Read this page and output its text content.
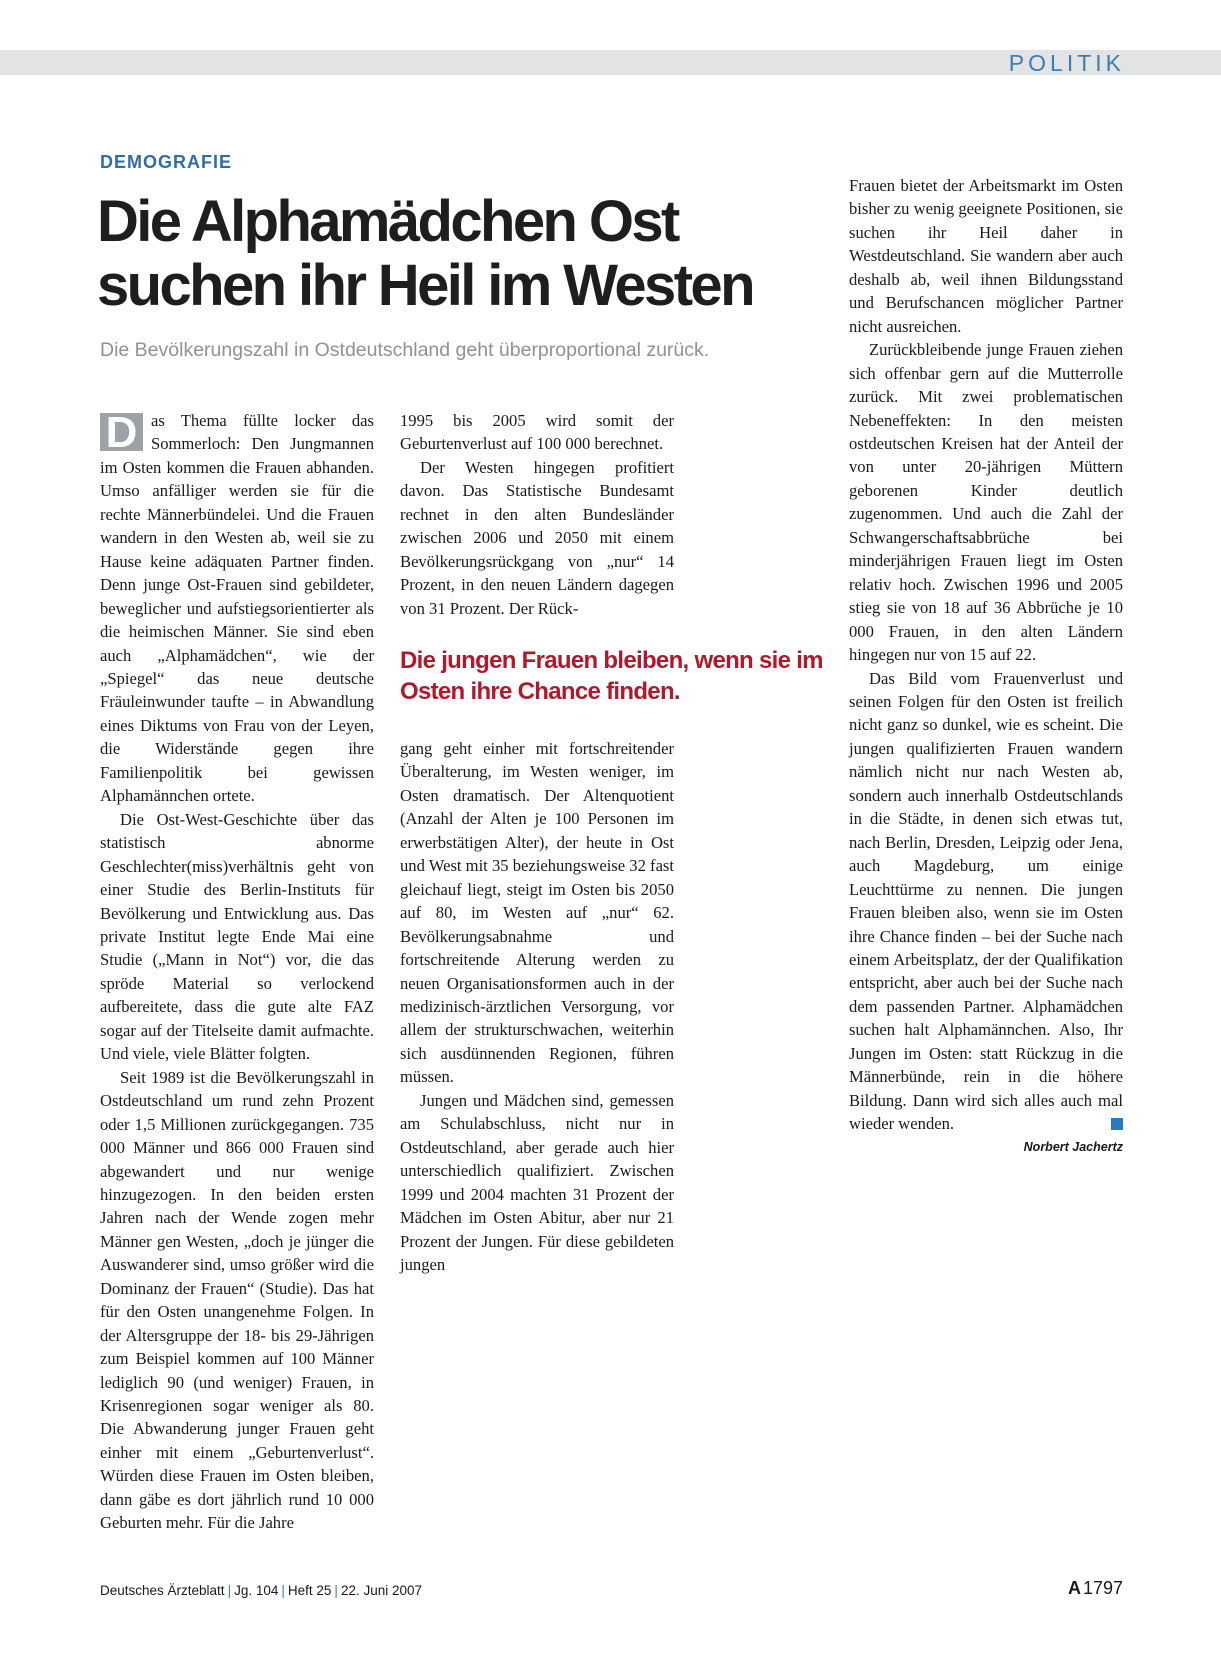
POLITIK
DEMOGRAFIE
Die Alphamädchen Ost suchen ihr Heil im Westen
Die Bevölkerungszahl in Ostdeutschland geht überproportional zurück.

D as Thema füllte locker das Sommerloch: Den Jungmannen im Osten kommen die Frauen abhanden. Umso anfälliger werden sie für die rechte Männerbündelei. Und die Frauen wandern in den Westen ab, weil sie zu Hause keine adäquaten Partner finden. Denn junge Ost-Frauen sind gebildeter, beweglicher und aufstiegsorientierter als die heimischen Männer. Sie sind eben auch „Alphamädchen“, wie der „Spiegel“ das neue deutsche Fräuleinwunder taufte – in Abwandlung eines Diktums von Frau von der Leyen, die Widerstände gegen ihre Familienpolitik bei gewissen Alphamännchen ortete.

Die Ost-West-Geschichte über das statistisch abnorme Geschlechter(miss)verhältnis geht von einer Studie des Berlin-Instituts für Bevölkerung und Entwicklung aus. Das private Institut legte Ende Mai eine Studie („Mann in Not“) vor, die das spröde Material so verlockend aufbereitete, dass die gute alte FAZ sogar auf der Titelseite damit aufmachte. Und viele, viele Blätter folgten.

Seit 1989 ist die Bevölkerungszahl in Ostdeutschland um rund zehn Prozent oder 1,5 Millionen zurückgegangen. 735 000 Männer und 866 000 Frauen sind abgewandert und nur wenige hinzugezogen. In den beiden ersten Jahren nach der Wende zogen mehr Männer gen Westen, „doch je jünger die Auswanderer sind, umso größer wird die Dominanz der Frauen“ (Studie). Das hat für den Osten unangenehme Folgen. In der Altersgruppe der 18- bis 29-Jährigen zum Beispiel kommen auf 100 Männer lediglich 90 (und weniger) Frauen, in Krisenregionen sogar weniger als 80. Die Abwanderung junger Frauen geht einher mit einem „Geburtenverlust“. Würden diese Frauen im Osten bleiben, dann gäbe es dort jährlich rund 10 000 Geburten mehr. Für die Jahre

1995 bis 2005 wird somit der Geburtenverlust auf 100 000 berechnet.

Der Westen hingegen profitiert davon. Das Statistische Bundesamt rechnet in den alten Bundesländer zwischen 2006 und 2050 mit einem Bevölkerungsrückgang von „nur“ 14 Prozent, in den neuen Ländern dagegen von 31 Prozent. Der Rück-

Die jungen Frauen bleiben, wenn sie im Osten ihre Chance finden.

gang geht einher mit fortschreitender Überalterung, im Westen weniger, im Osten dramatisch. Der Altenquotient (Anzahl der Alten je 100 Personen im erwerbstätigen Alter), der heute in Ost und West mit 35 beziehungsweise 32 fast gleichauf liegt, steigt im Osten bis 2050 auf 80, im Westen auf „nur“ 62. Bevölkerungsabnahme und fortschreitende Alterung werden zu neuen Organisationsformen auch in der medizinisch-ärztlichen Versorgung, vor allem der strukturschwachen, weiterhin sich ausdünnenden Regionen, führen müssen.

Jungen und Mädchen sind, gemessen am Schulabschluss, nicht nur in Ostdeutschland, aber gerade auch hier unterschiedlich qualifiziert. Zwischen 1999 und 2004 machten 31 Prozent der Mädchen im Osten Abitur, aber nur 21 Prozent der Jungen. Für diese gebildeten jungen

Frauen bietet der Arbeitsmarkt im Osten bisher zu wenig geeignete Positionen, sie suchen ihr Heil daher in Westdeutschland. Sie wandern aber auch deshalb ab, weil ihnen Bildungsstand und Berufschancen möglicher Partner nicht ausreichen.

Zurückbleibende junge Frauen ziehen sich offenbar gern auf die Mutterrolle zurück. Mit zwei problematischen Nebeneffekten: In den meisten ostdeutschen Kreisen hat der Anteil der von unter 20-jährigen Müttern geborenen Kinder deutlich zugenommen. Und auch die Zahl der Schwangerschaftsabbrüche bei minderjährigen Frauen liegt im Osten relativ hoch. Zwischen 1996 und 2005 stieg sie von 18 auf 36 Abbrüche je 10 000 Frauen, in den alten Ländern hingegen nur von 15 auf 22.

Das Bild vom Frauenverlust und seinen Folgen für den Osten ist freilich nicht ganz so dunkel, wie es scheint. Die jungen qualifizierten Frauen wandern nämlich nicht nur nach Westen ab, sondern auch innerhalb Ostdeutschlands in die Städte, in denen sich etwas tut, nach Berlin, Dresden, Leipzig oder Jena, auch Magdeburg, um einige Leuchttürme zu nennen. Die jungen Frauen bleiben also, wenn sie im Osten ihre Chance finden – bei der Suche nach einem Arbeitsplatz, der der Qualifikation entspricht, aber auch bei der Suche nach dem passenden Partner. Alphamädchen suchen halt Alphamännchen. Also, Ihr Jungen im Osten: statt Rückzug in die Männerbünde, rein in die höhere Bildung. Dann wird sich alles auch mal wieder wenden.

Norbert Jachertz

Deutsches Ärzteblatt | Jg. 104 | Heft 25 | 22. Juni 2007	A 1797
